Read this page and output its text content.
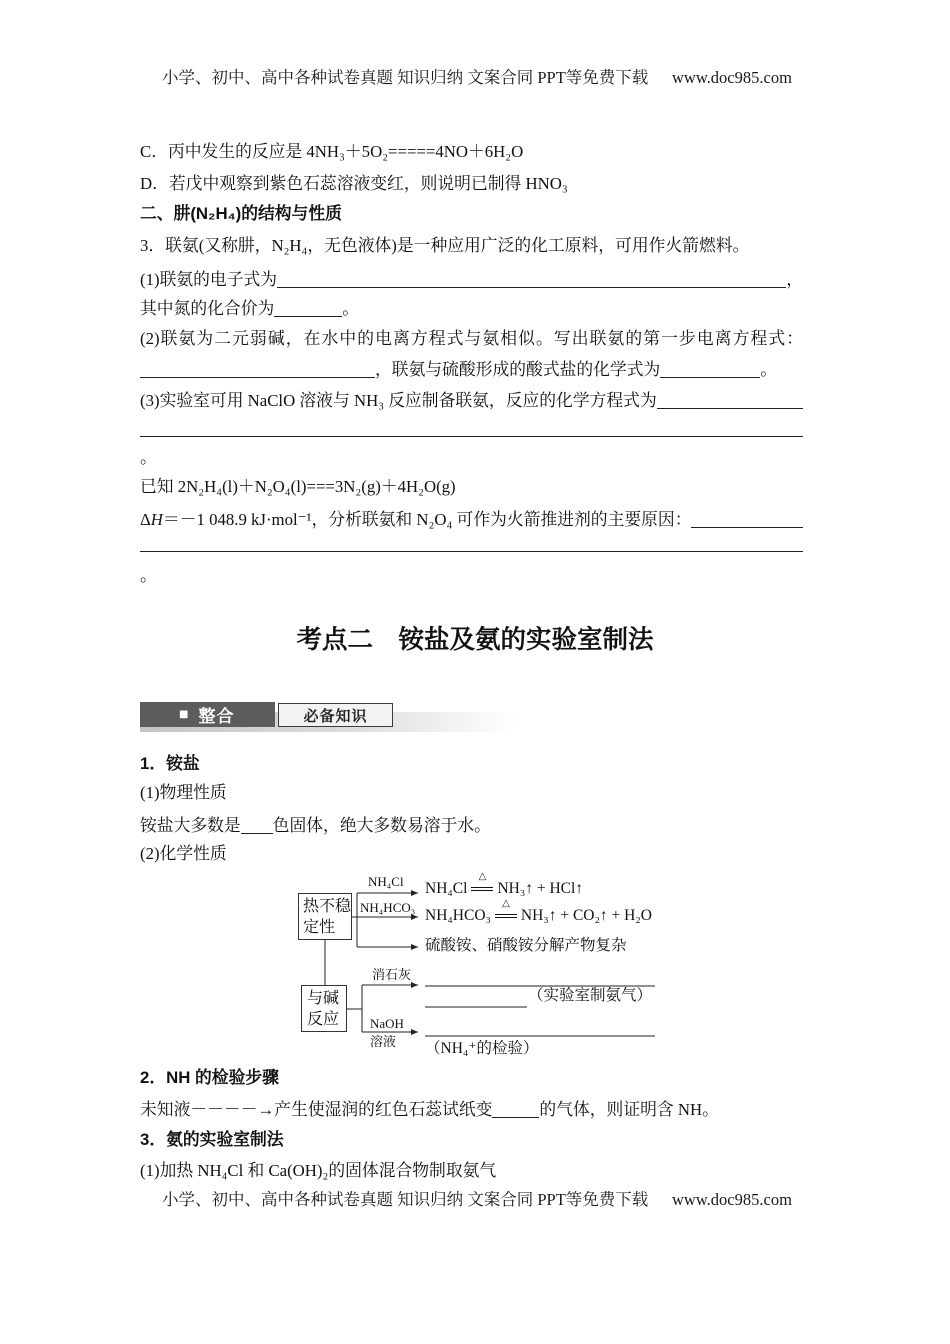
小学、初中、高中各种试卷真题 知识归纳 文案合同 PPT等免费下载 www.doc985.com
C．丙中发生的反应是 4NH₃＋5O₂=====4NO＋6H₂O
D．若戊中观察到紫色石蕊溶液变红，则说明已制得 HNO₃
二、肼(N₂H₄)的结构与性质
3．联氨(又称肼，N₂H₄，无色液体)是一种应用广泛的化工原料，可用作火箭燃料。
(1)联氨的电子式为	，
其中氮的化合价为	。
(2)联氨为二元弱碱，在水中的电离方程式与氨相似。写出联氨的第一步电离方程式：
，联氨与硫酸形成的酸式盐的化学式为	。
(3)实验室可用 NaClO 溶液与 NH₃ 反应制备联氨，反应的化学方程式为
。
已知 2N₂H₄(l)＋N₂O₄(l)===3N₂(g)＋4H₂O(g)
Δ H ＝－1 048.9 kJ·mol⁻¹，分析联氨和 N₂O₄ 可作为火箭推进剂的主要原因：
。
考点二　铵盐及氨的实验室制法
■ 整合	必备知识
1．铵盐
(1)物理性质
铵盐大多数是 色固体，绝大多数易溶于水。
(2)化学性质
热不稳
定性
与碱
反应
NH₄Cl
NH₄HCO₃
消石灰
NaOH
溶液
NH₄Cl
△
NH₃↑ + HCl↑
NH₄HCO₃
△
NH₃↑ + CO₂↑ + H₂O
硫酸铵、硝酸铵分解产物复杂
（实验室制氨气）
（NH₄⁺的检验）
2．NH 的检验步骤
未知液－－－－→产生使湿润的红色石蕊试纸变	的气体，则证明含 NH。
3．氨的实验室制法
(1)加热 NH₄Cl 和 Ca(OH)₂的固体混合物制取氨气
小学、初中、高中各种试卷真题 知识归纳 文案合同 PPT等免费下载 www.doc985.com
